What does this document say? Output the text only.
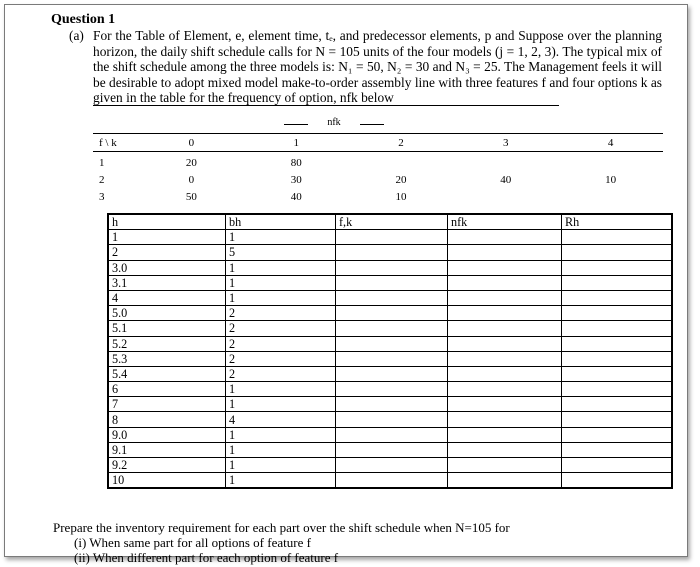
Question 1
(a) For the Table of Element, e, element time, tₑ, and predecessor elements, p and Suppose over the planning horizon, the daily shift schedule calls for N = 105 units of the four models (j = 1, 2, 3). The typical mix of the shift schedule among the three models is: N₁ = 50, N₂ = 30 and N₃ = 25. The Management feels it will be desirable to adopt mixed model make-to-order assembly line with three features f and four options k as given in the table for the frequency of option, nfk below
nfk
f \ k	0	1	2	3	4
1	20	80			
2	0	30	20	40	10
3	50	40	10		
h	bh	f,k	nfk	Rh
1	1			
2	5			
3.0	1			
3.1	1			
4	1			
5.0	2			
5.1	2			
5.2	2			
5.3	2			
5.4	2			
6	1			
7	1			
8	4			
9.0	1			
9.1	1			
9.2	1			
10	1			
Prepare the inventory requirement for each part over the shift schedule when N=105 for
(i) When same part for all options of feature f
(ii) When different part for each option of feature f
